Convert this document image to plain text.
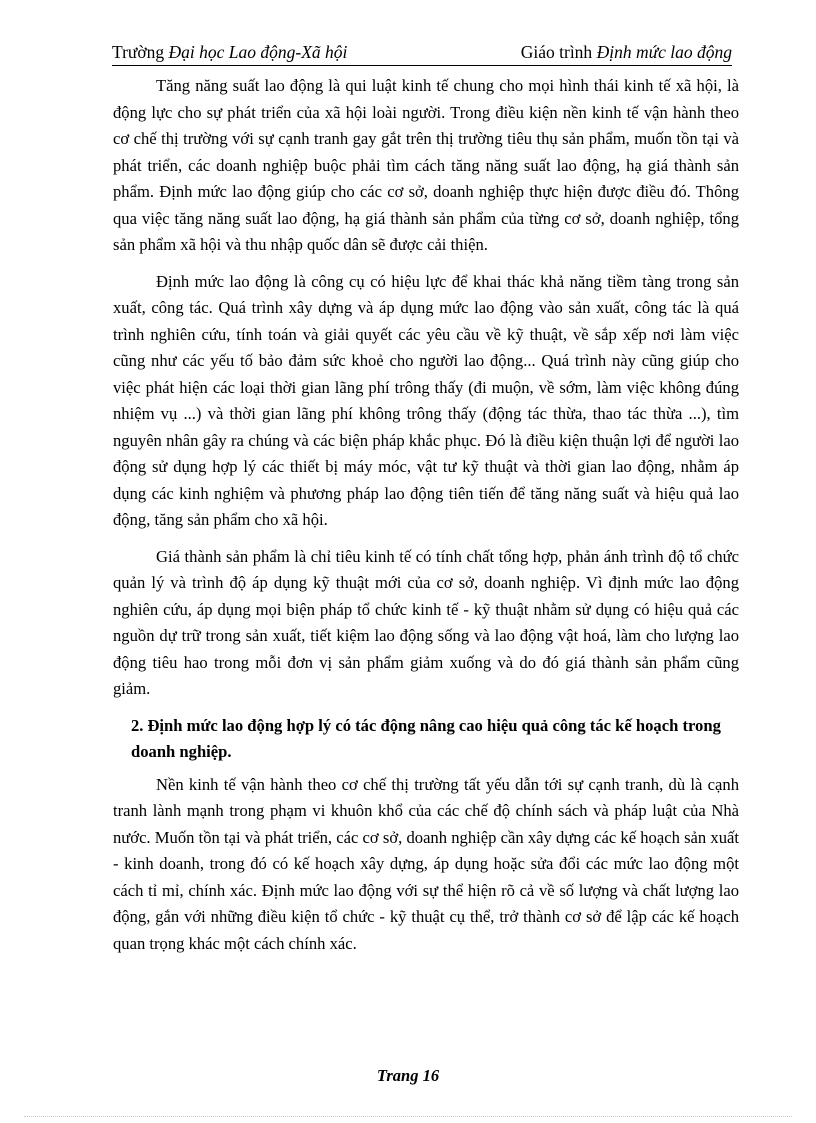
Trường Đại học Lao động-Xã hội	Giáo trình Định mức lao động

Tăng năng suất lao động là qui luật kinh tế chung cho mọi hình thái kinh tế xã hội, là động lực cho sự phát triển của xã hội loài người. Trong điều kiện nền kinh tế vận hành theo cơ chế thị trường với sự cạnh tranh gay gắt trên thị trường tiêu thụ sản phẩm, muốn tồn tại và phát triển, các doanh nghiệp buộc phải tìm cách tăng năng suất lao động, hạ giá thành sản phẩm. Định mức lao động giúp cho các cơ sở, doanh nghiệp thực hiện được điều đó. Thông qua việc tăng năng suất lao động, hạ giá thành sản phẩm của từng cơ sở, doanh nghiệp, tổng sản phẩm xã hội và thu nhập quốc dân sẽ được cải thiện.

Định mức lao động là công cụ có hiệu lực để khai thác khả năng tiềm tàng trong sản xuất, công tác. Quá trình xây dựng và áp dụng mức lao động vào sản xuất, công tác là quá trình nghiên cứu, tính toán và giải quyết các yêu cầu về kỹ thuật, về sắp xếp nơi làm việc cũng như các yếu tố bảo đảm sức khoẻ cho người lao động... Quá trình này cũng giúp cho việc phát hiện các loại thời gian lãng phí trông thấy (đi muộn, về sớm, làm việc không đúng nhiệm vụ ...) và thời gian lãng phí không trông thấy (động tác thừa, thao tác thừa ...), tìm nguyên nhân gây ra chúng và các biện pháp khắc phục. Đó là điều kiện thuận lợi để người lao động sử dụng hợp lý các thiết bị máy móc, vật tư kỹ thuật và thời gian lao động, nhằm áp dụng các kinh nghiệm và phương pháp lao động tiên tiến để tăng năng suất và hiệu quả lao động, tăng sản phẩm cho xã hội.

Giá thành sản phẩm là chỉ tiêu kinh tế có tính chất tổng hợp, phản ánh trình độ tổ chức quản lý và trình độ áp dụng kỹ thuật mới của cơ sở, doanh nghiệp. Vì định mức lao động nghiên cứu, áp dụng mọi biện pháp tổ chức kinh tế - kỹ thuật nhằm sử dụng có hiệu quả các nguồn dự trữ trong sản xuất, tiết kiệm lao động sống và lao động vật hoá, làm cho lượng lao động tiêu hao trong mỗi đơn vị sản phẩm giảm xuống và do đó giá thành sản phẩm cũng giảm.

2. Định mức lao động hợp lý có tác động nâng cao hiệu quả công tác kế hoạch trong doanh nghiệp.

Nền kinh tế vận hành theo cơ chế thị trường tất yếu dẫn tới sự cạnh tranh, dù là cạnh tranh lành mạnh trong phạm vi khuôn khổ của các chế độ chính sách và pháp luật của Nhà nước. Muốn tồn tại và phát triển, các cơ sở, doanh nghiệp cần xây dựng các kế hoạch sản xuất - kinh doanh, trong đó có kế hoạch xây dựng, áp dụng hoặc sửa đổi các mức lao động một cách tỉ mỉ, chính xác. Định mức lao động với sự thể hiện rõ cả về số lượng và chất lượng lao động, gắn với những điều kiện tổ chức - kỹ thuật cụ thể, trở thành cơ sở để lập các kế hoạch quan trọng khác một cách chính xác.

Trang 16
